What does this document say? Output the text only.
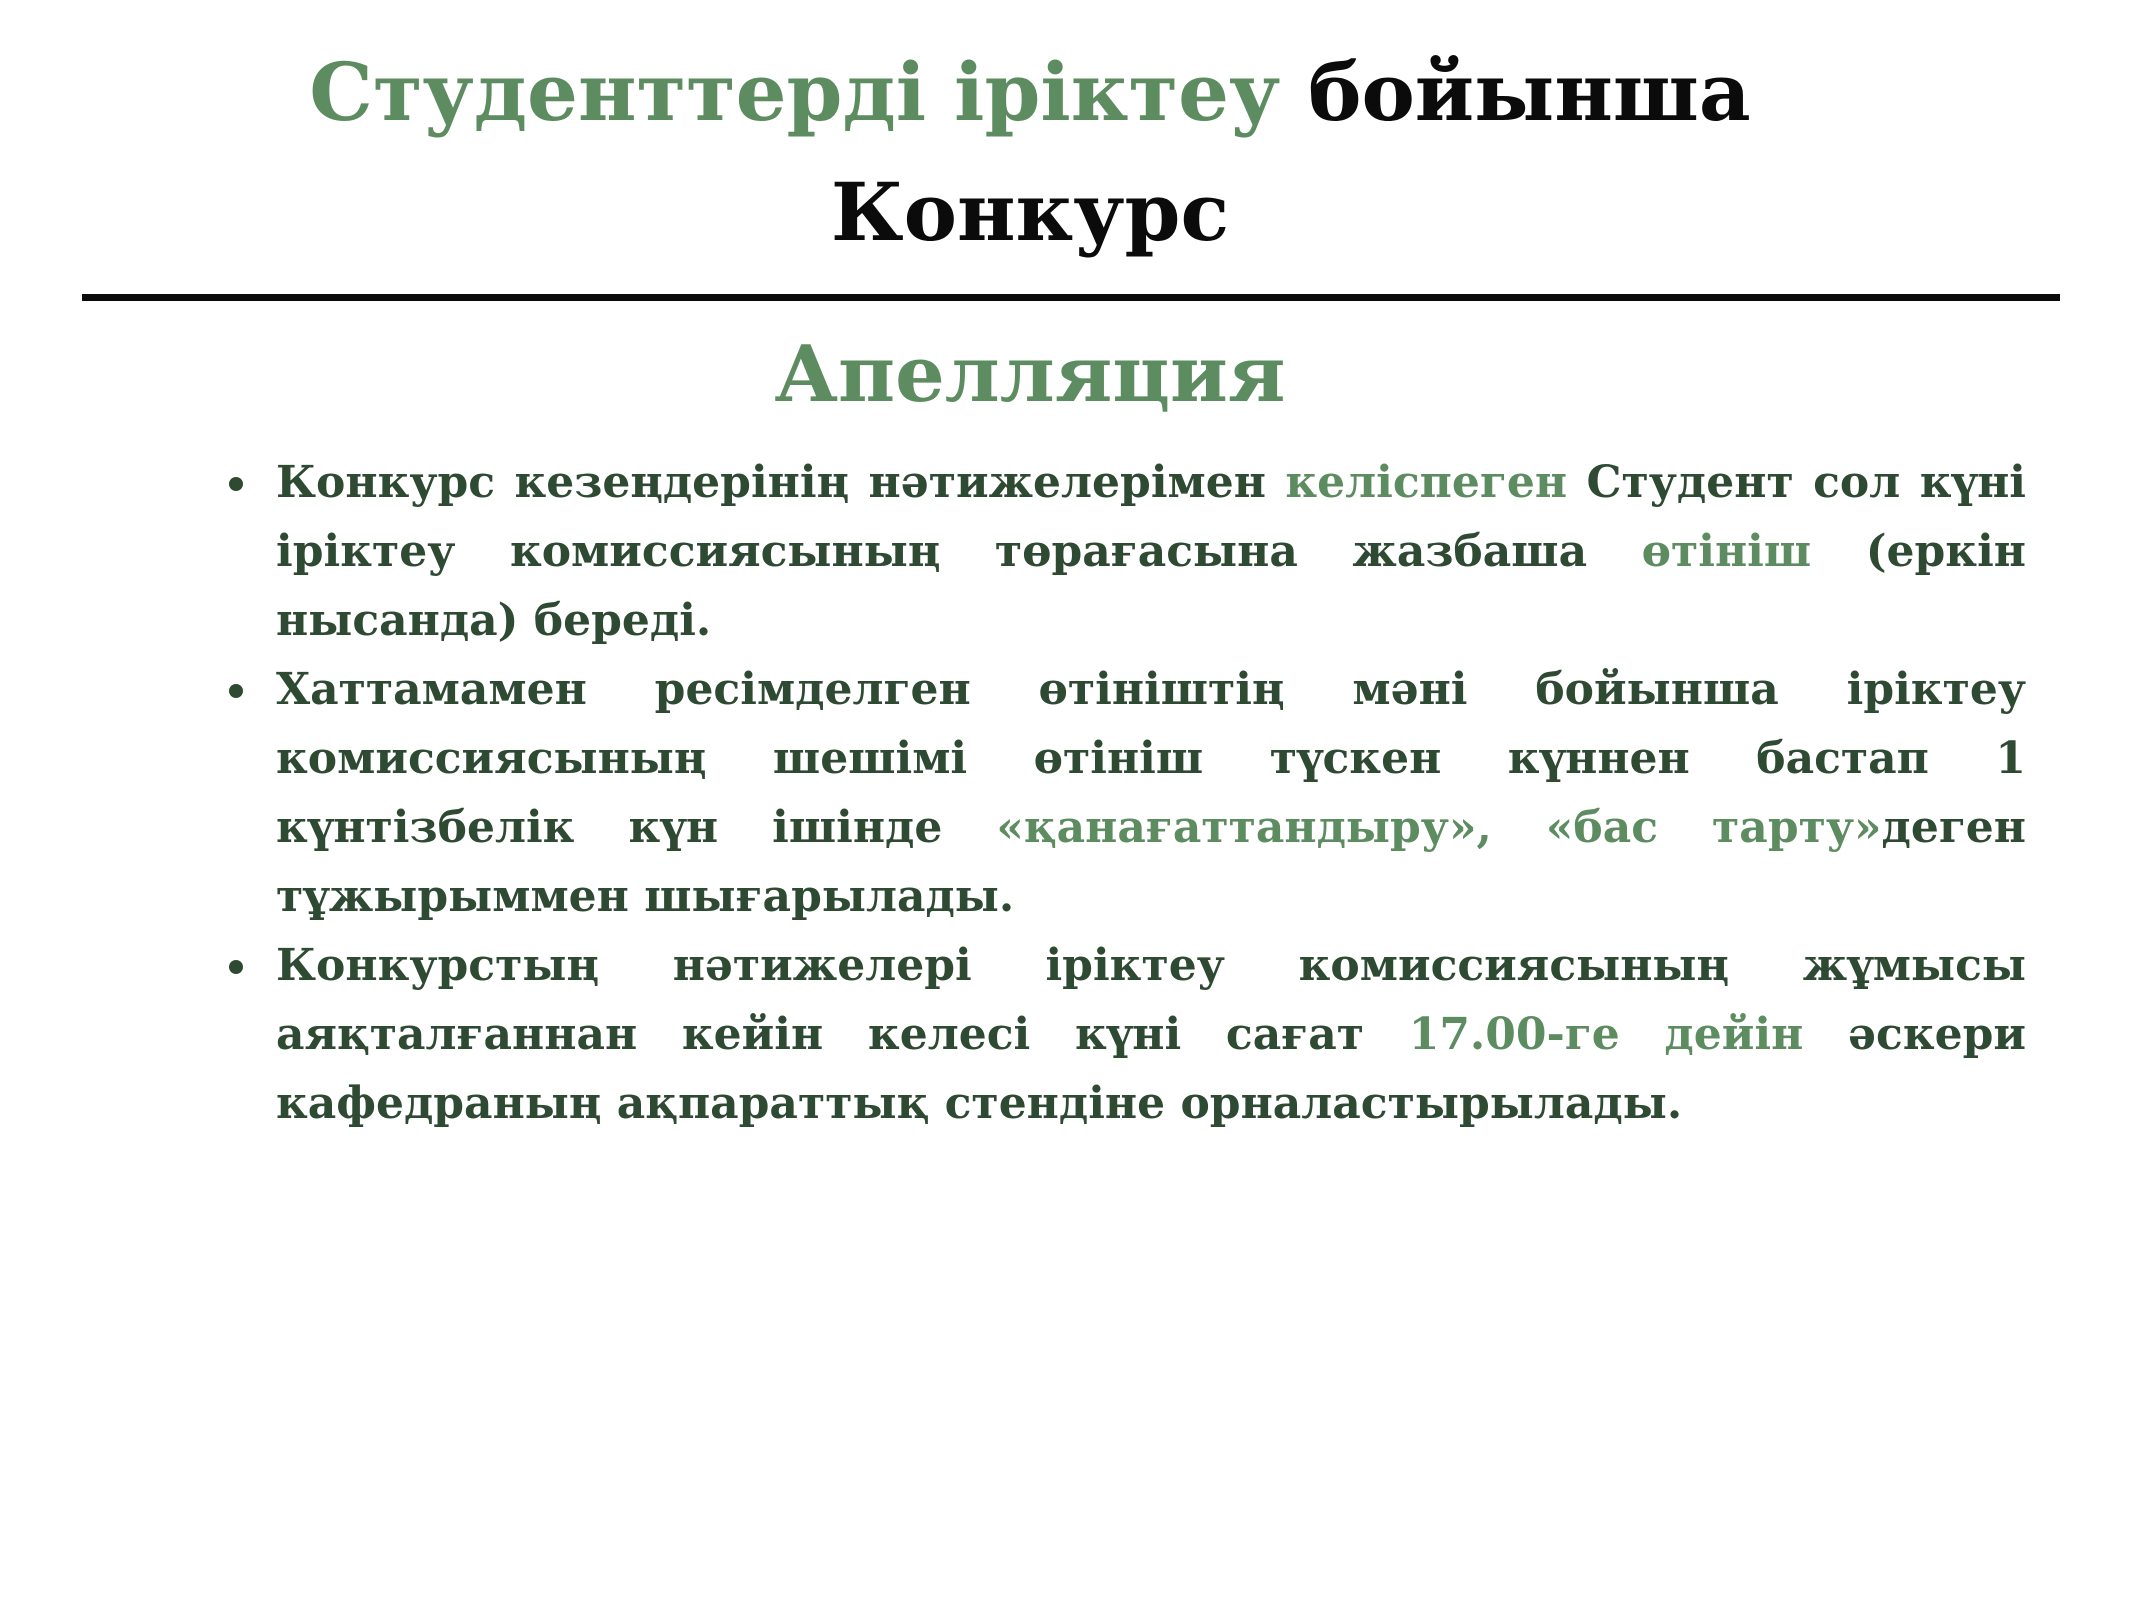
Студенттерді іріктеу бойынша
Конкурс
Апелляция
Конкурс кезеңдерінің нәтижелерімен келіспеген Студент сол күні іріктеу комиссиясының төрағасына жазбаша өтініш (еркін нысанда) береді.
Хаттамамен ресімделген өтініштің мәні бойынша іріктеу комиссиясының шешімі өтініш түскен күннен бастап 1 күнтізбелік күн ішінде «қанағаттандыру», «бас тарту»деген тұжырыммен шығарылады.
Конкурстың нәтижелері іріктеу комиссиясының жұмысы аяқталғаннан кейін келесі күні сағат 17.00-ге дейін әскери кафедраның ақпараттық стендіне орналастырылады.
